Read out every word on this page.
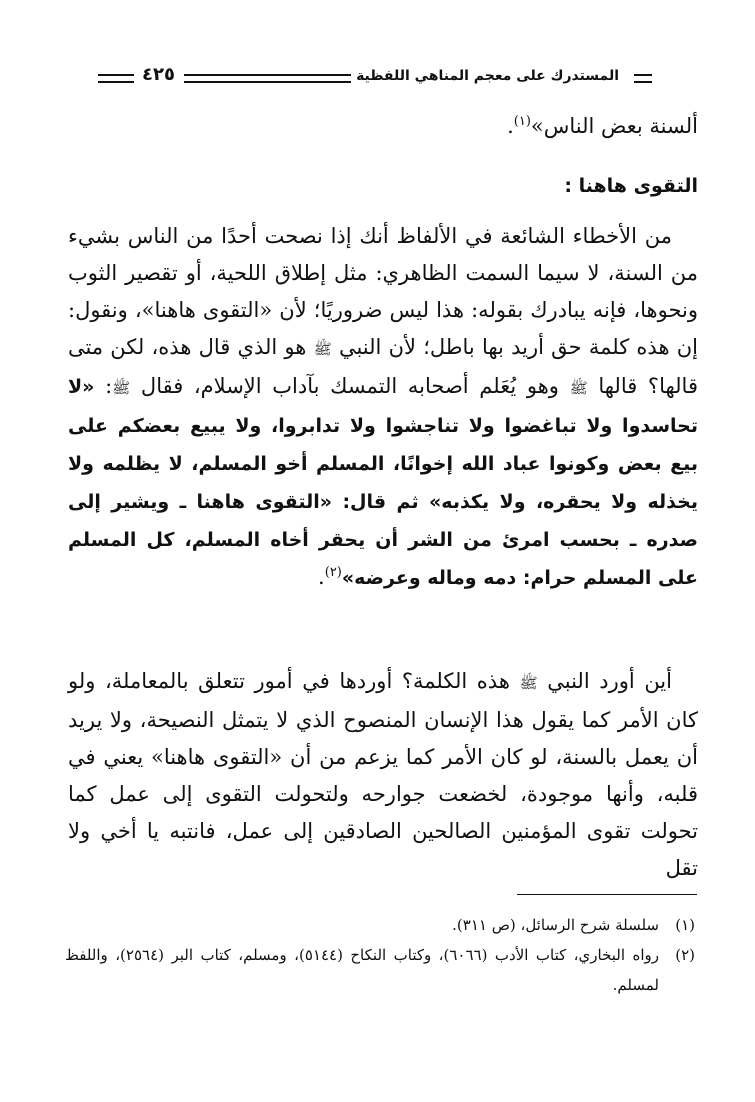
٤٢٥	المستدرك على معجم المناهي اللفظية
ألسنة بعض الناس»$^{(١)}$.
التقوى هاهنا :
من الأخطاء الشائعة في الألفاظ أنك إذا نصحت أحدًا من الناس بشيء من السنة، لا سيما السمت الظاهري: مثل إطلاق اللحية، أو تقصير الثوب ونحوها، فإنه يبادرك بقوله: هذا ليس ضروريًا؛ لأن «التقوى هاهنا»، ونقول: إن هذه كلمة حق أريد بها باطل؛ لأن النبي ﷺ هو الذي قال هذه، لكن متى قالها؟ قالها ﷺ وهو يُعَلم أصحابه التمسك بآداب الإسلام، فقال ﷺ: «لا تحاسدوا ولا تباغضوا ولا تناجشوا ولا تدابروا، ولا يبيع بعضكم على بيع بعض وكونوا عباد الله إخوانًا، المسلم أخو المسلم، لا يظلمه ولا يخذله ولا يحقره، ولا يكذبه» ثم قال: «التقوى هاهنا ـ ويشير إلى صدره ـ بحسب امرئ من الشر أن يحقر أخاه المسلم، كل المسلم على المسلم حرام: دمه وماله وعرضه»$^{(٢)}$.
أين أورد النبي ﷺ هذه الكلمة؟ أوردها في أمور تتعلق بالمعاملة، ولو كان الأمر كما يقول هذا الإنسان المنصوح الذي لا يتمثل النصيحة، ولا يريد أن يعمل بالسنة، لو كان الأمر كما يزعم من أن «التقوى هاهنا» يعني في قلبه، وأنها موجودة، لخضعت جوارحه ولتحولت التقوى إلى عمل كما تحولت تقوى المؤمنين الصالحين الصادقين إلى عمل، فانتبه يا أخي ولا تقل
(١)
سلسلة شرح الرسائل، (ص ٣١١).
(٢)
رواه البخاري، كتاب الأدب (٦٠٦٦)، وكتاب النكاح (٥١٤٤)، ومسلم، كتاب البر (٢٥٦٤)، واللفظ لمسلم.
